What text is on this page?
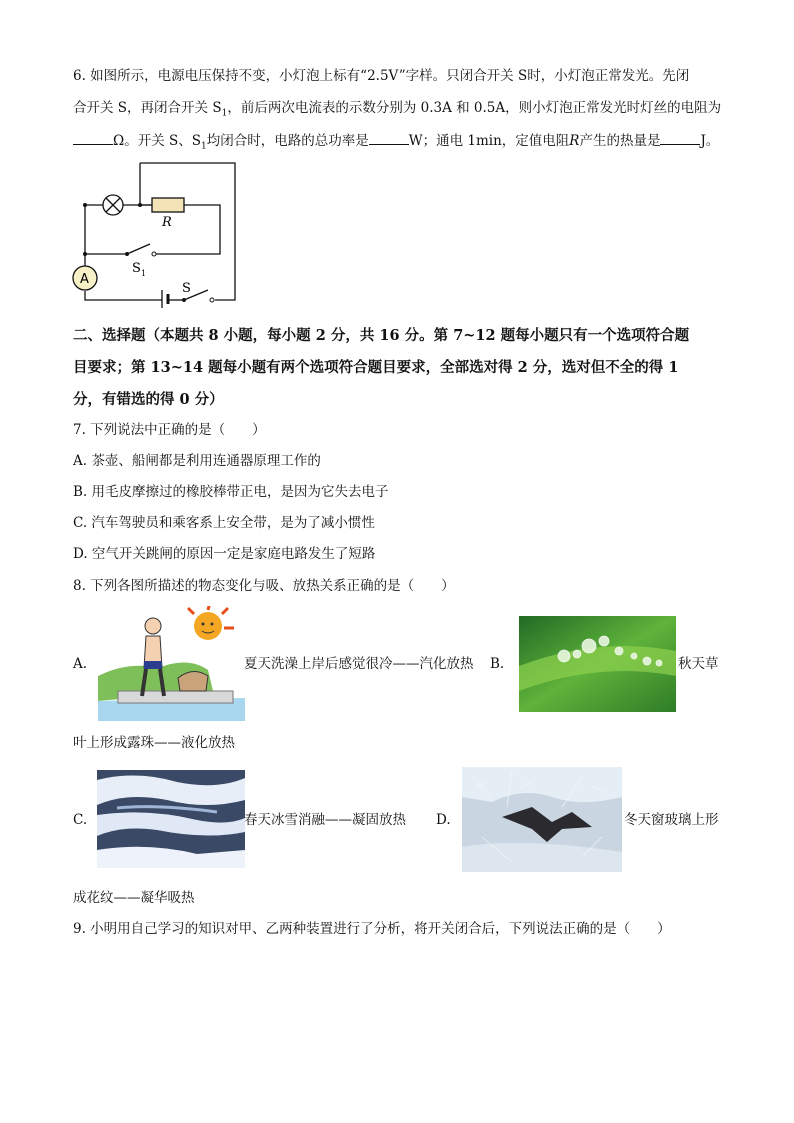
6. 如图所示，电源电压保持不变，小灯泡上标有“2.5V”字样。只闭合开关 S时，小灯泡正常发光。先闭
合开关 S，再闭合开关 $S_1$，前后两次电流表的示数分别为 0.3A 和 0.5A，则小灯泡正常发光时灯丝的电阻为
Ω。开关 S、$S_1$均闭合时，电路的总功率是	W；通电 1min，定值电阻R产生的热量是	J。
R
S 1
A
S
二、选择题（本题共 8 小题，每小题 2 分，共 16 分。第 7~12 题每小题只有一个选项符合题
目要求；第 13~14 题每小题有两个选项符合题目要求，全部选对得 2 分，选对但不全的得 1
分，有错选的得 0 分）
7. 下列说法中正确的是（　　）
A. 茶壶、船闸都是利用连通器原理工作的
B. 用毛皮摩擦过的橡胶棒带正电，是因为它失去电子
C. 汽车驾驶员和乘客系上安全带，是为了减小惯性
D. 空气开关跳闸的原因一定是家庭电路发生了短路
8. 下列各图所描述的物态变化与吸、放热关系正确的是（　　）
A.	夏天洗澡上岸后感觉很冷——汽化放热 B.	秋天草
叶上形成露珠——液化放热
C.	春天冰雪消融——凝固放热 D.	冬天窗玻璃上形
成花纹——凝华吸热
9. 小明用自己学习的知识对甲、乙两种装置进行了分析，将开关闭合后，下列说法正确的是（　　）
